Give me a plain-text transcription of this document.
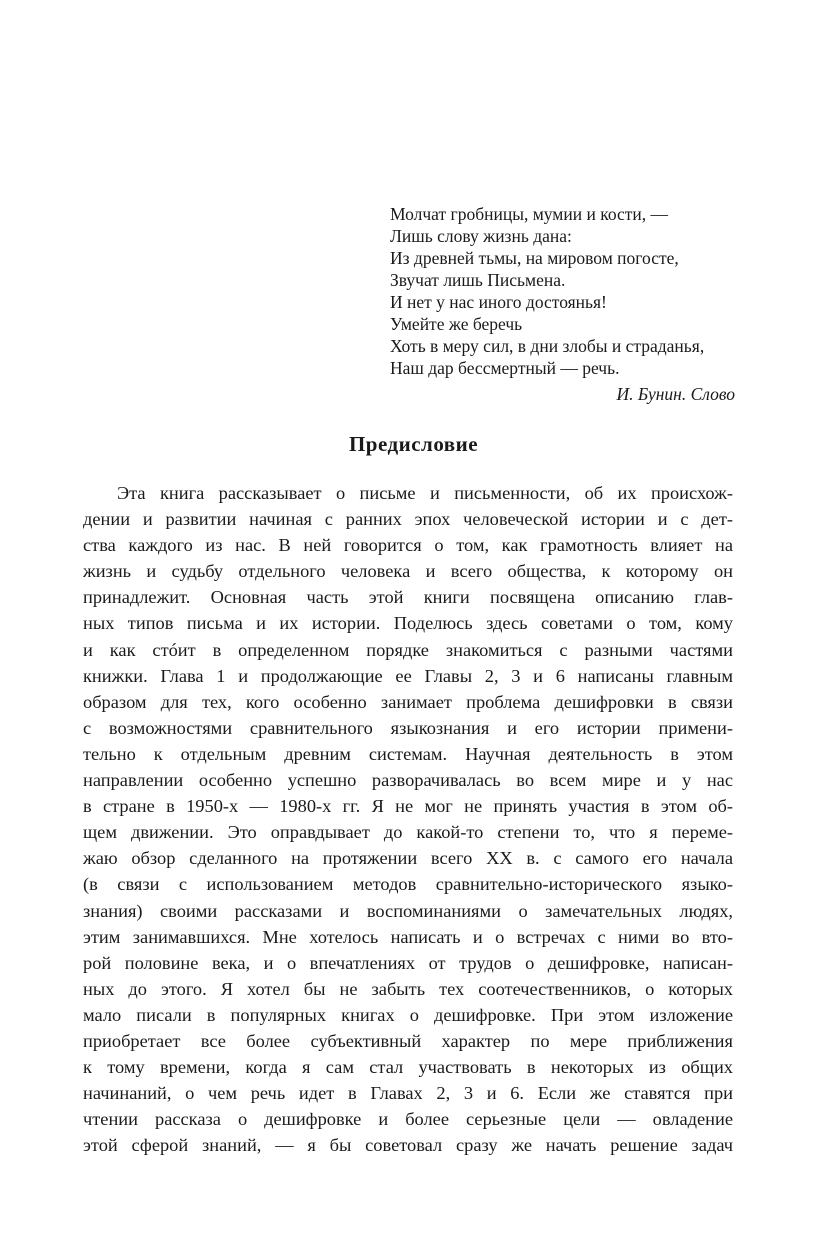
Молчат гробницы, мумии и кости, —
Лишь слову жизнь дана:
Из древней тьмы, на мировом погосте,
Звучат лишь Письмена.
И нет у нас иного достоянья!
Умейте же беречь
Хоть в меру сил, в дни злобы и страданья,
Наш дар бессмертный — речь.
И. Бунин. Слово
Предисловие
Эта книга рассказывает о письме и письменности, об их происхож-
дении и развитии начиная с ранних эпох человеческой истории и с дет-
ства каждого из нас. В ней говорится о том, как грамотность влияет на
жизнь и судьбу отдельного человека и всего общества, к которому он
принадлежит. Основная часть этой книги посвящена описанию глав-
ных типов письма и их истории. Поделюсь здесь советами о том, кому
и как стóит в определенном порядке знакомиться с разными частями
книжки. Глава 1 и продолжающие ее Главы 2, 3 и 6 написаны главным
образом для тех, кого особенно занимает проблема дешифровки в связи
с возможностями сравнительного языкознания и его истории примени-
тельно к отдельным древним системам. Научная деятельность в этом
направлении особенно успешно разворачивалась во всем мире и у нас
в стране в 1950-х — 1980-х гг. Я не мог не принять участия в этом об-
щем движении. Это оправдывает до какой-то степени то, что я переме-
жаю обзор сделанного на протяжении всего XX в. с самого его начала
(в связи с использованием методов сравнительно-исторического языко-
знания) своими рассказами и воспоминаниями о замечательных людях,
этим занимавшихся. Мне хотелось написать и о встречах с ними во вто-
рой половине века, и о впечатлениях от трудов о дешифровке, написан-
ных до этого. Я хотел бы не забыть тех соотечественников, о которых
мало писали в популярных книгах о дешифровке. При этом изложение
приобретает все более субъективный характер по мере приближения
к тому времени, когда я сам стал участвовать в некоторых из общих
начинаний, о чем речь идет в Главах 2, 3 и 6. Если же ставятся при
чтении рассказа о дешифровке и более серьезные цели — овладение
этой сферой знаний, — я бы советовал сразу же начать решение задач
